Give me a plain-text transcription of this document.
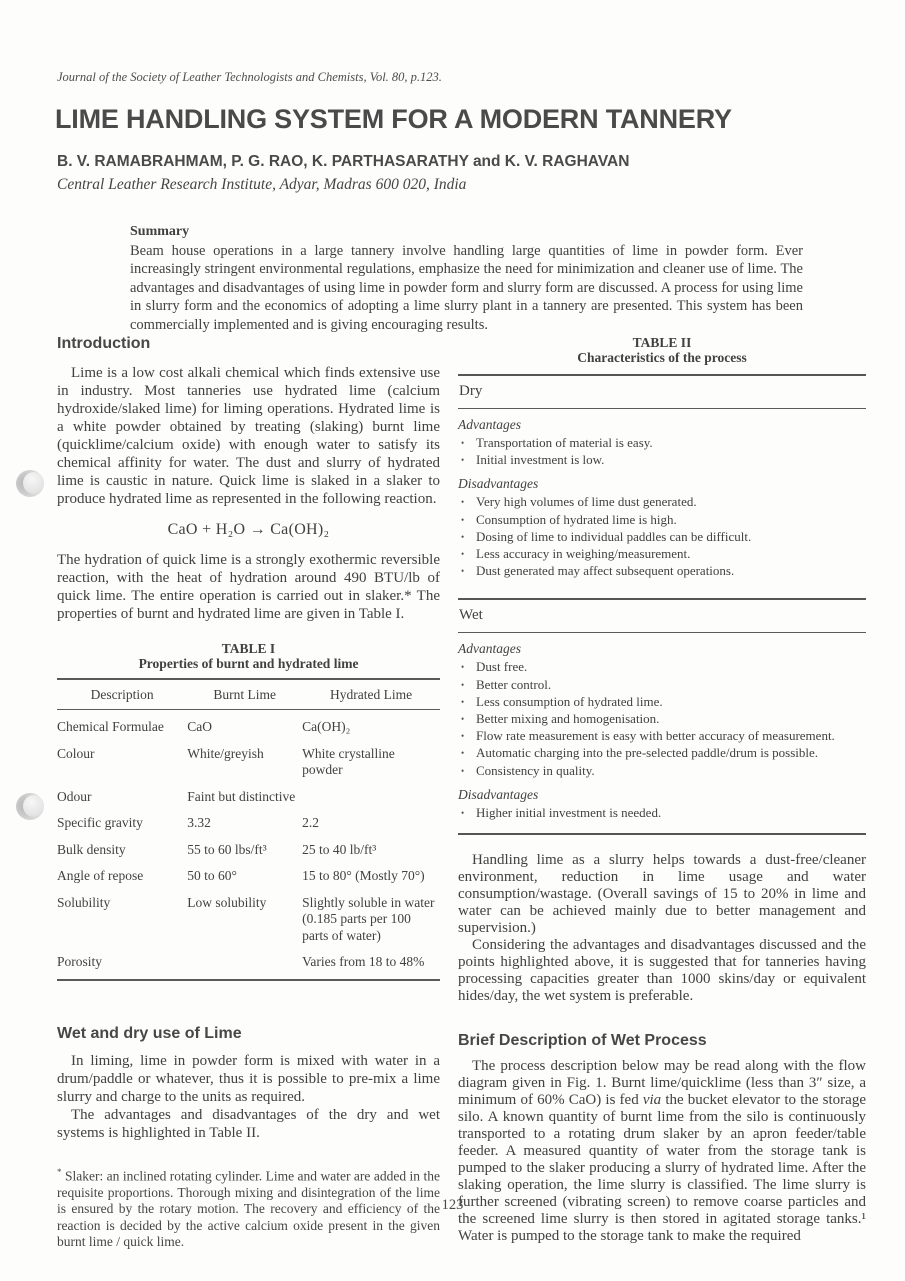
Journal of the Society of Leather Technologists and Chemists, Vol. 80, p.123.
LIME HANDLING SYSTEM FOR A MODERN TANNERY
B. V. RAMABRAHMAM, P. G. RAO, K. PARTHASARATHY and K. V. RAGHAVAN
Central Leather Research Institute, Adyar, Madras 600 020, India
Summary
Beam house operations in a large tannery involve handling large quantities of lime in powder form. Ever increasingly stringent environmental regulations, emphasize the need for minimization and cleaner use of lime. The advantages and disadvantages of using lime in powder form and slurry form are discussed. A process for using lime in slurry form and the economics of adopting a lime slurry plant in a tannery are presented. This system has been commercially implemented and is giving encouraging results.
Introduction

Lime is a low cost alkali chemical which finds extensive use in industry. Most tanneries use hydrated lime (calcium hydroxide/slaked lime) for liming operations. Hydrated lime is a white powder obtained by treating (slaking) burnt lime (quicklime/calcium oxide) with enough water to satisfy its chemical affinity for water. The dust and slurry of hydrated lime is caustic in nature. Quick lime is slaked in a slaker to produce hydrated lime as represented in the following reaction.

CaO + H₂O → Ca(OH)₂

The hydration of quick lime is a strongly exothermic reversible reaction, with the heat of hydration around 490 BTU/lb of quick lime. The entire operation is carried out in slaker.* The properties of burnt and hydrated lime are given in Table I.

TABLE I
Properties of burnt and hydrated lime
Description	Burnt Lime	Hydrated Lime
Chemical Formulae	CaO	Ca(OH)₂
Colour	White/greyish	White crystalline powder
Odour	Faint but distinctive	
Specific gravity	3.32	2.2
Bulk density	55 to 60 lbs/ft³	25 to 40 lb/ft³
Angle of repose	50 to 60°	15 to 80° (Mostly 70°)
Solubility	Low solubility	Slightly soluble in water (0.185 parts per 100 parts of water)
Porosity		Varies from 18 to 48%
Wet and dry use of Lime

In liming, lime in powder form is mixed with water in a drum/paddle or whatever, thus it is possible to pre-mix a lime slurry and charge to the units as required.

The advantages and disadvantages of the dry and wet systems is highlighted in Table II.

* Slaker: an inclined rotating cylinder. Lime and water are added in the requisite proportions. Thorough mixing and disintegration of the lime is ensured by the rotary motion. The recovery and efficiency of the reaction is decided by the active calcium oxide present in the given burnt lime / quick lime.
TABLE II
Characteristics of the process
Dry
Advantages
• Transportation of material is easy.
• Initial investment is low.
Disadvantages
• Very high volumes of lime dust generated.
• Consumption of hydrated lime is high.
• Dosing of lime to individual paddles can be difficult.
• Less accuracy in weighing/measurement.
• Dust generated may affect subsequent operations.
Wet
Advantages
• Dust free.
• Better control.
• Less consumption of hydrated lime.
• Better mixing and homogenisation.
• Flow rate measurement is easy with better accuracy of measurement.
• Automatic charging into the pre-selected paddle/drum is possible.
• Consistency in quality.
Disadvantages
• Higher initial investment is needed.

Handling lime as a slurry helps towards a dust-free/cleaner environment, reduction in lime usage and water consumption/wastage. (Overall savings of 15 to 20% in lime and water can be achieved mainly due to better management and supervision.)

Considering the advantages and disadvantages discussed and the points highlighted above, it is suggested that for tanneries having processing capacities greater than 1000 skins/day or equivalent hides/day, the wet system is preferable.

Brief Description of Wet Process

The process description below may be read along with the flow diagram given in Fig. 1. Burnt lime/quicklime (less than 3″ size, a minimum of 60% CaO) is fed via the bucket elevator to the storage silo. A known quantity of burnt lime from the silo is continuously transported to a rotating drum slaker by an apron feeder/table feeder. A measured quantity of water from the storage tank is pumped to the slaker producing a slurry of hydrated lime. After the slaking operation, the lime slurry is classified. The lime slurry is further screened (vibrating screen) to remove coarse particles and the screened lime slurry is then stored in agitated storage tanks.¹ Water is pumped to the storage tank to make the required

123
